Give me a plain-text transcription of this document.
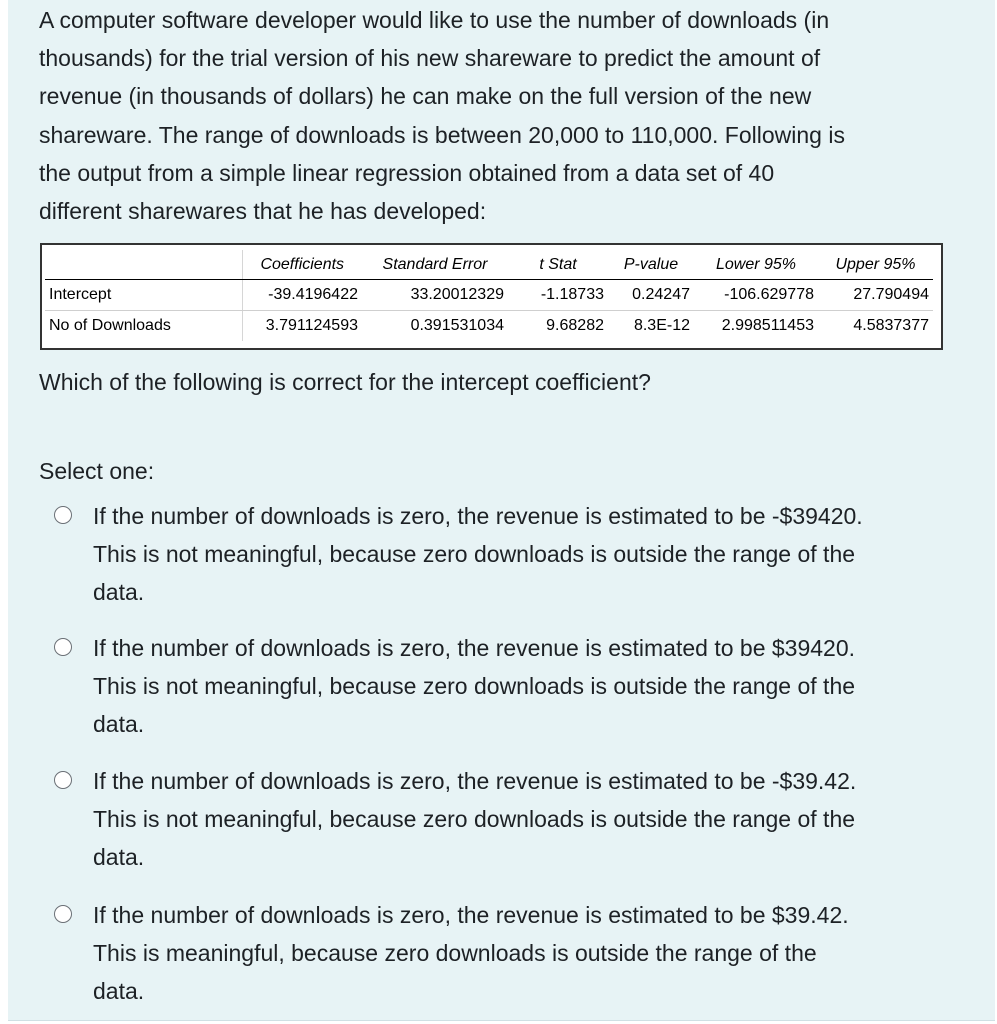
A computer software developer would like to use the number of downloads (in
thousands) for the trial version of his new shareware to predict the amount of
revenue (in thousands of dollars) he can make on the full version of the new
shareware. The range of downloads is between 20,000 to 110,000. Following is
the output from a simple linear regression obtained from a data set of 40
different sharewares that he has developed:

	Coefficients	Standard Error	t Stat	P-value	Lower 95%	Upper 95%
Intercept	-39.4196422	33.20012329	-1.18733	0.24247	-106.629778	27.790494
No of Downloads	3.791124593	0.391531034	9.68282	8.3E-12	2.998511453	4.5837377

Which of the following is correct for the intercept coefficient?

Select one:

If the number of downloads is zero, the revenue is estimated to be -$39420.
This is not meaningful, because zero downloads is outside the range of the
data.

If the number of downloads is zero, the revenue is estimated to be $39420.
This is not meaningful, because zero downloads is outside the range of the
data.

If the number of downloads is zero, the revenue is estimated to be -$39.42.
This is not meaningful, because zero downloads is outside the range of the
data.

If the number of downloads is zero, the revenue is estimated to be $39.42.
This is meaningful, because zero downloads is outside the range of the
data.
